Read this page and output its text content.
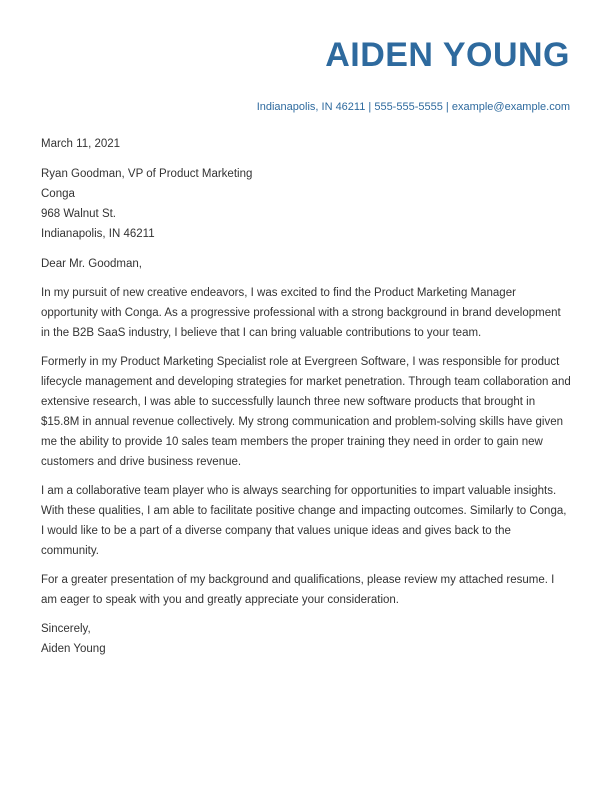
AIDEN YOUNG
Indianapolis, IN 46211 | 555-555-5555 | example@example.com
March 11, 2021
Ryan Goodman, VP of Product Marketing
Conga
968 Walnut St.
Indianapolis, IN 46211
Dear Mr. Goodman,
In my pursuit of new creative endeavors, I was excited to find the Product Marketing Manager opportunity with Conga. As a progressive professional with a strong background in brand development in the B2B SaaS industry, I believe that I can bring valuable contributions to your team.
Formerly in my Product Marketing Specialist role at Evergreen Software, I was responsible for product lifecycle management and developing strategies for market penetration. Through team collaboration and extensive research, I was able to successfully launch three new software products that brought in $15.8M in annual revenue collectively. My strong communication and problem-solving skills have given me the ability to provide 10 sales team members the proper training they need in order to gain new customers and drive business revenue.
I am a collaborative team player who is always searching for opportunities to impart valuable insights. With these qualities, I am able to facilitate positive change and impacting outcomes. Similarly to Conga, I would like to be a part of a diverse company that values unique ideas and gives back to the community.
For a greater presentation of my background and qualifications, please review my attached resume. I am eager to speak with you and greatly appreciate your consideration.
Sincerely,
Aiden Young
